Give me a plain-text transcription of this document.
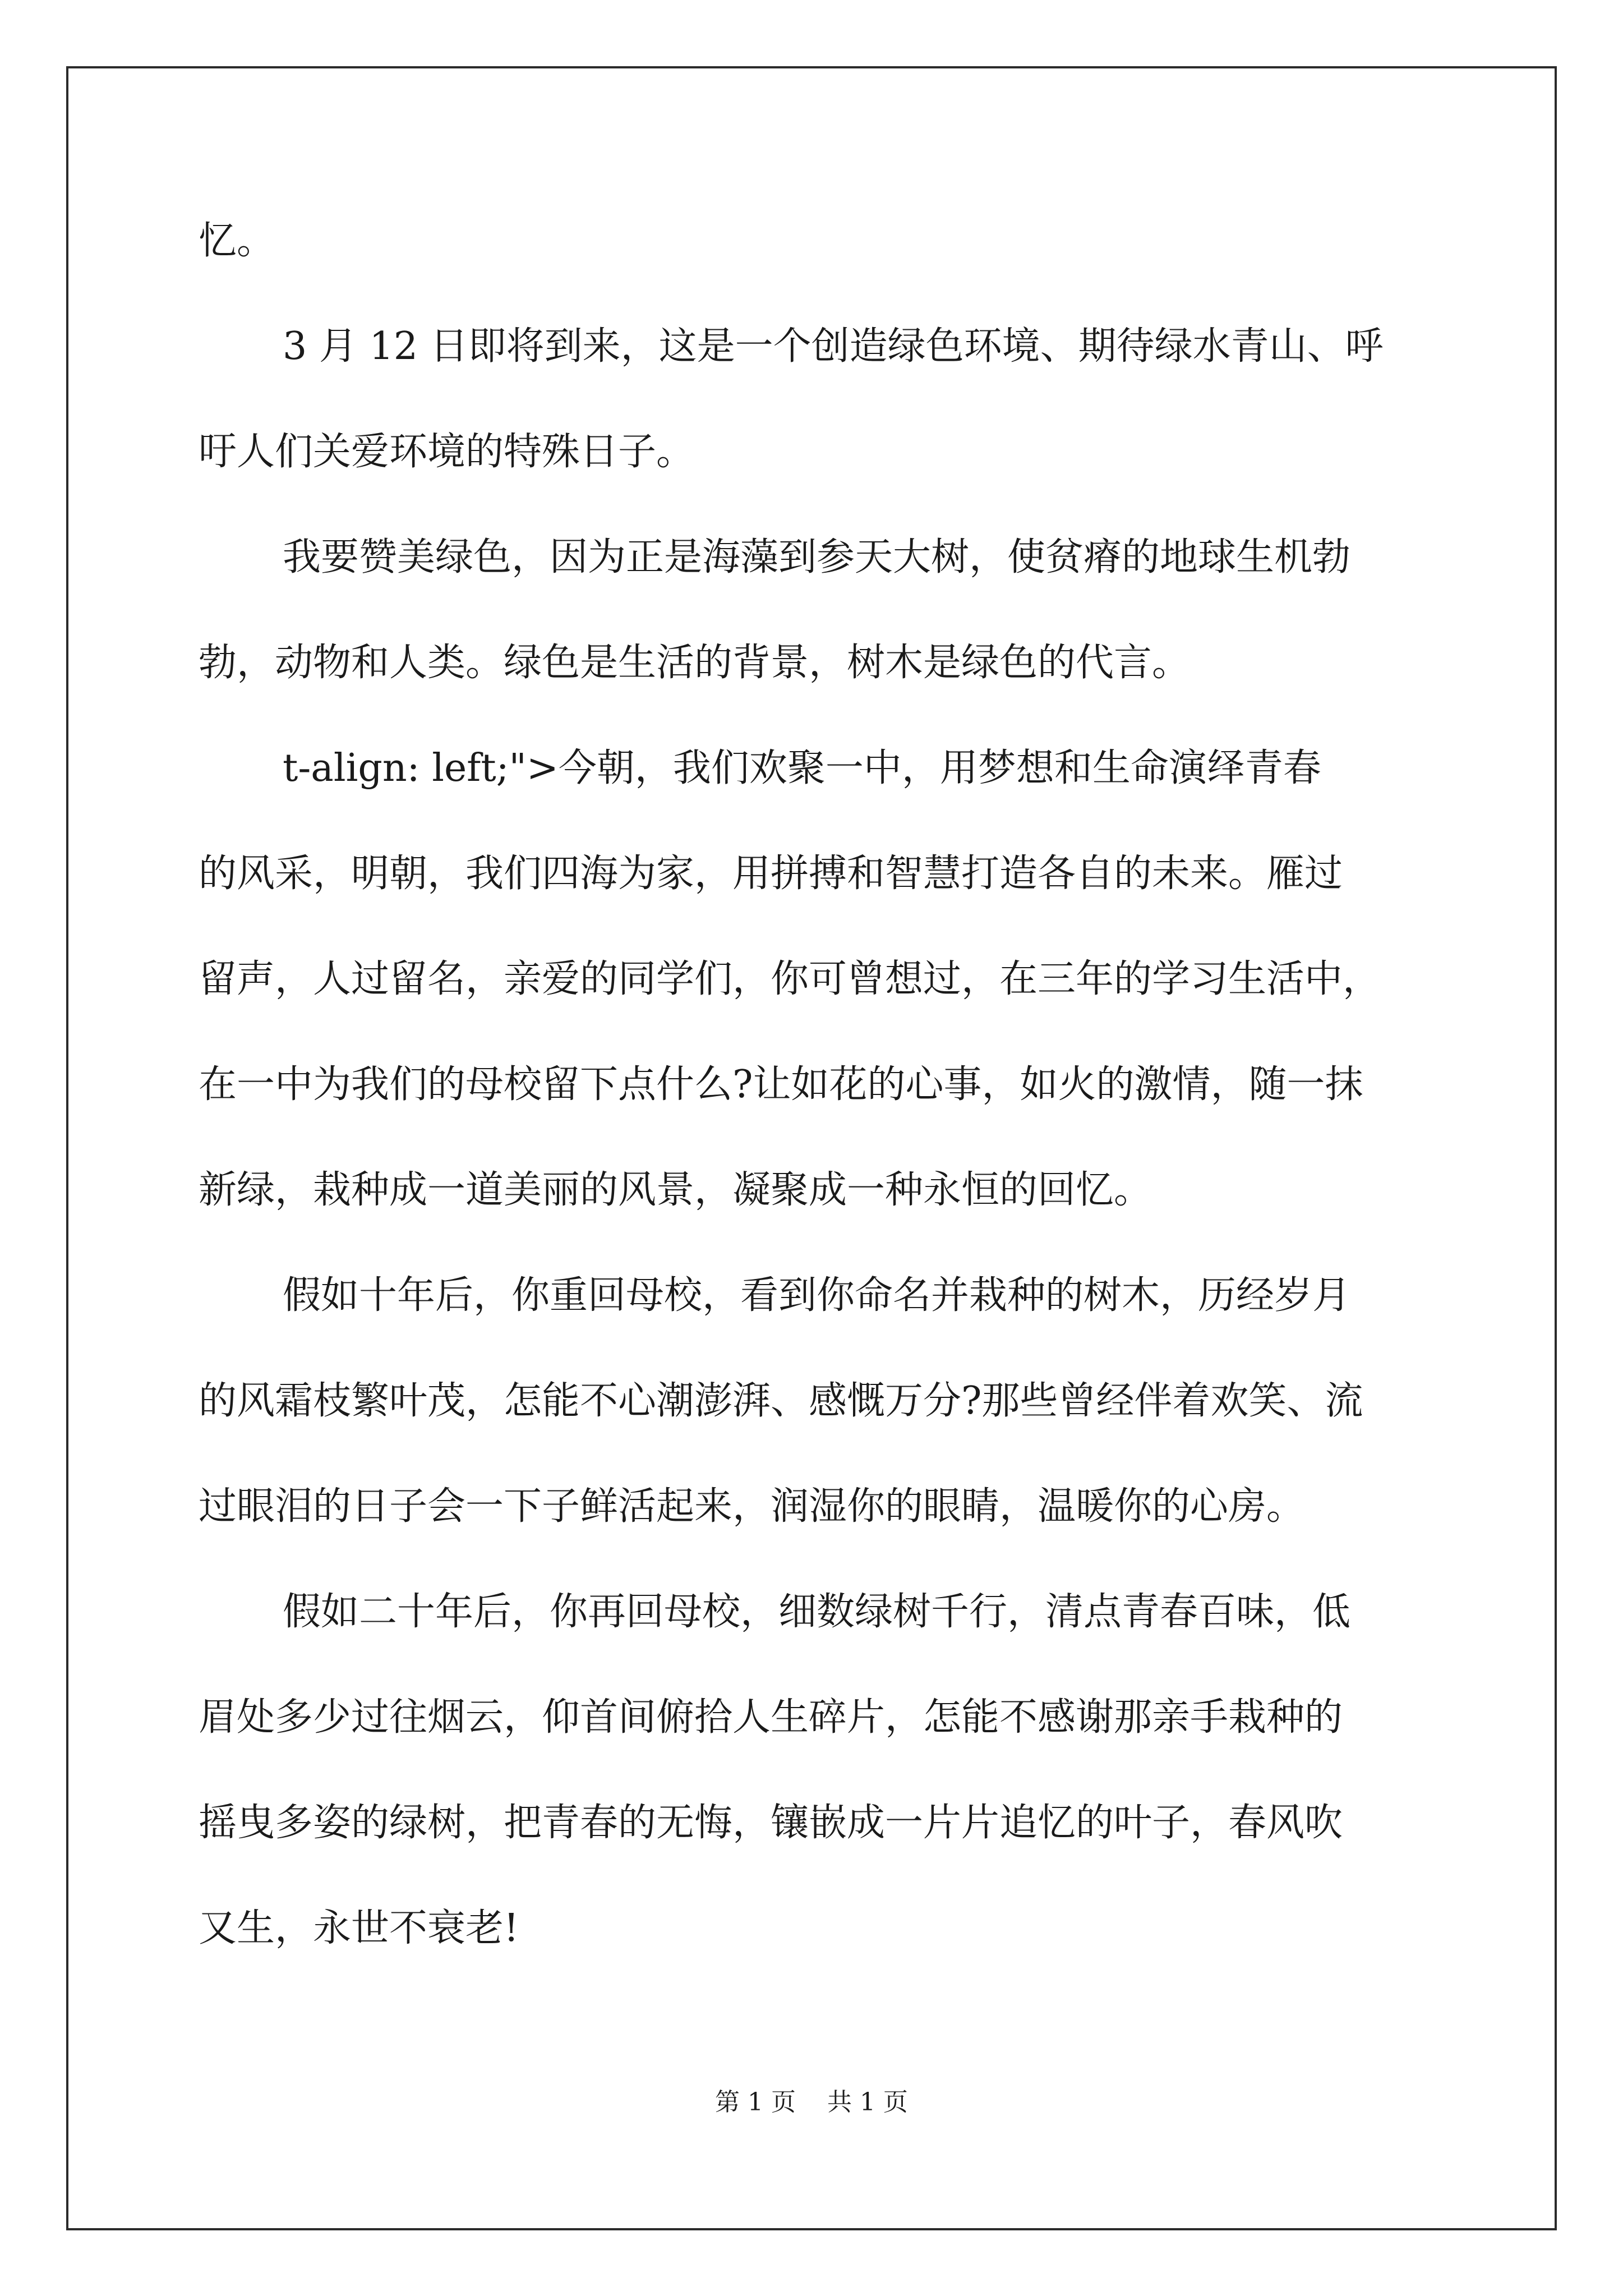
忆。
3 月 12 日即将到来，这是一个创造绿色环境、期待绿水青山、呼
吁人们关爱环境的特殊日子。
我要赞美绿色，因为正是海藻到参天大树，使贫瘠的地球生机勃
勃，动物和人类。绿色是生活的背景，树木是绿色的代言。
t-align: left;">今朝，我们欢聚一中，用梦想和生命演绎青春
的风采，明朝，我们四海为家，用拼搏和智慧打造各自的未来。雁过
留声，人过留名，亲爱的同学们，你可曾想过，在三年的学习生活中，
在一中为我们的母校留下点什么?让如花的心事，如火的激情，随一抹
新绿，栽种成一道美丽的风景，凝聚成一种永恒的回忆。
假如十年后，你重回母校，看到你命名并栽种的树木，历经岁月
的风霜枝繁叶茂，怎能不心潮澎湃、感慨万分?那些曾经伴着欢笑、流
过眼泪的日子会一下子鲜活起来，润湿你的眼睛，温暖你的心房。
假如二十年后，你再回母校，细数绿树千行，清点青春百味，低
眉处多少过往烟云，仰首间俯拾人生碎片，怎能不感谢那亲手栽种的
摇曳多姿的绿树，把青春的无悔，镶嵌成一片片追忆的叶子，春风吹
又生，永世不衰老!
第 1 页    共 1 页
